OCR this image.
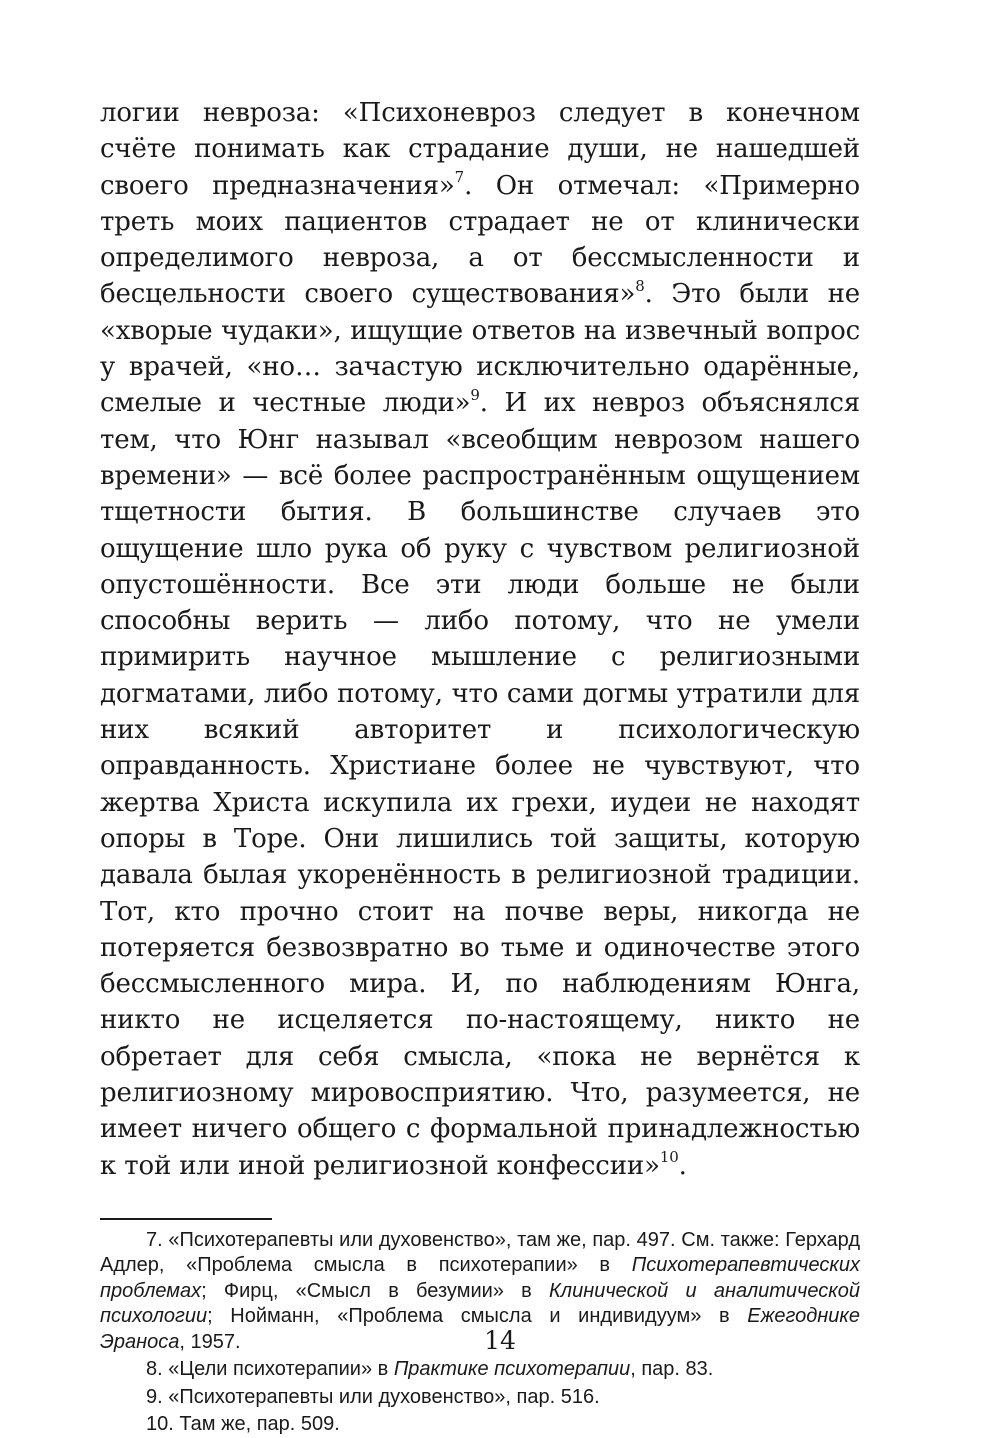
логии невроза: «Психоневроз следует в конечном счёте понимать как страдание души, не нашедшей своего предназначения»$^7$. Он отмечал: «Примерно треть моих пациентов страдает не от клинически определимого невроза, а от бессмысленности и бесцельности своего существования»$^8$. Это были не «хворые чудаки», ищущие ответов на извечный вопрос у врачей, «но… зачастую исключительно одарённые, смелые и честные люди»$^9$. И их невроз объяснялся тем, что Юнг называл «всеобщим неврозом нашего времени» — всё более распространённым ощущением тщетности бытия. В большинстве случаев это ощущение шло рука об руку с чувством религиозной опустошённости. Все эти люди больше не были способны верить — либо потому, что не умели примирить научное мышление с религиозными догматами, либо потому, что сами догмы утратили для них всякий авторитет и психологическую оправданность. Христиане более не чувствуют, что жертва Христа искупила их грехи, иудеи не находят опоры в Торе. Они лишились той защиты, которую давала былая укоренённость в религиозной традиции. Тот, кто прочно стоит на почве веры, никогда не потеряется безвозвратно во тьме и одиночестве этого бессмысленного мира. И, по наблюдениям Юнга, никто не исцеляется по-настоящему, никто не обретает для себя смысла, «пока не вернётся к религиозному мировосприятию. Что, разумеется, не имеет ничего общего с формальной принадлежностью к той или иной религиозной конфессии»$^{10}$.

7. «Психотерапевты или духовенство», там же, пар. 497. См. также: Герхард Адлер, «Проблема смысла в психотерапии» в Психотерапевтических проблемах; Фирц, «Смысл в безумии» в Клинической и аналитической психологии; Нойманн, «Проблема смысла и индивидуум» в Ежегоднике Эраноса, 1957.

8. «Цели психотерапии» в Практике психотерапии, пар. 83.

9. «Психотерапевты или духовенство», пар. 516.

10. Там же, пар. 509.

14
